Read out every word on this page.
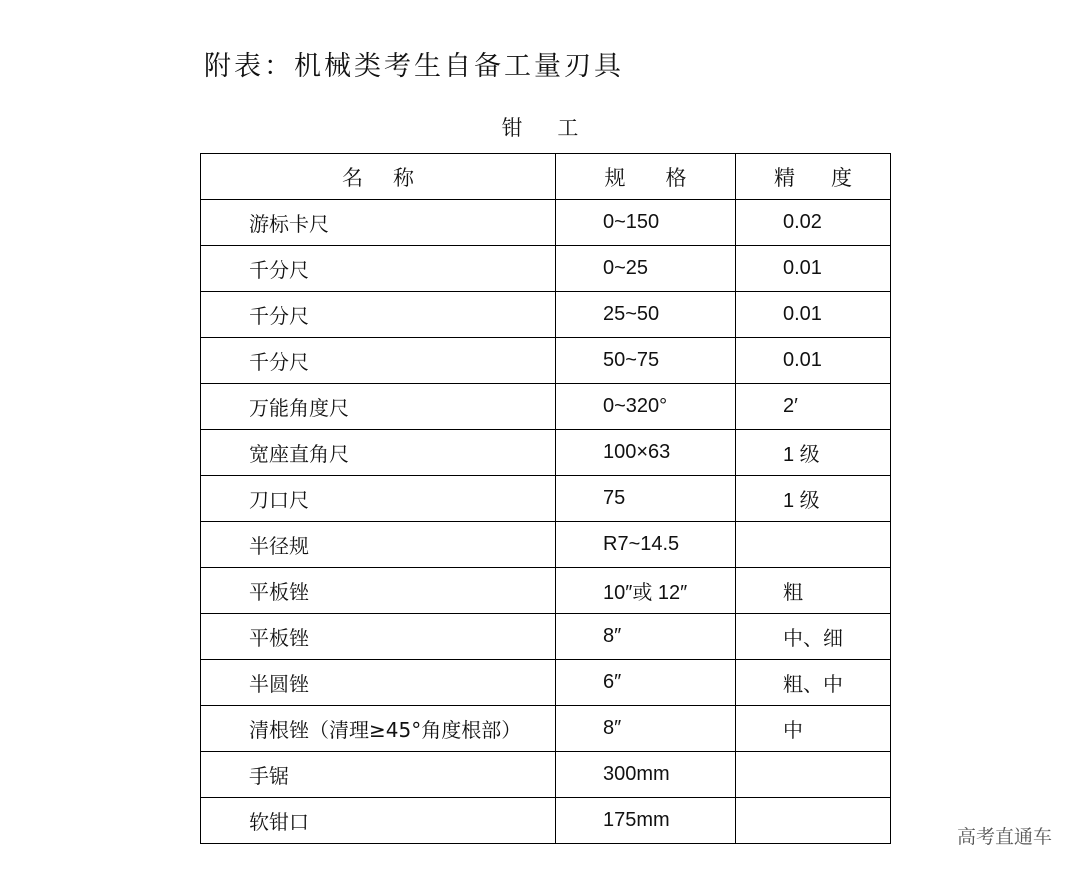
附表：机械类考生自备工量刃具
钳 工
名称	规格	精度
游标卡尺	0~150	0.02
千分尺	0~25	0.01
千分尺	25~50	0.01
千分尺	50~75	0.01
万能角度尺	0~320°	2′
宽座直角尺	100×63	1 级
刀口尺	75	1 级
半径规	R7~14.5	
平板锉	10″或 12″	粗
平板锉	8″	中、细
半圆锉	6″	粗、中
清根锉（清理≥45°角度根部）	8″	中
手锯	300mm	
软钳口	175mm	
高考直通车
